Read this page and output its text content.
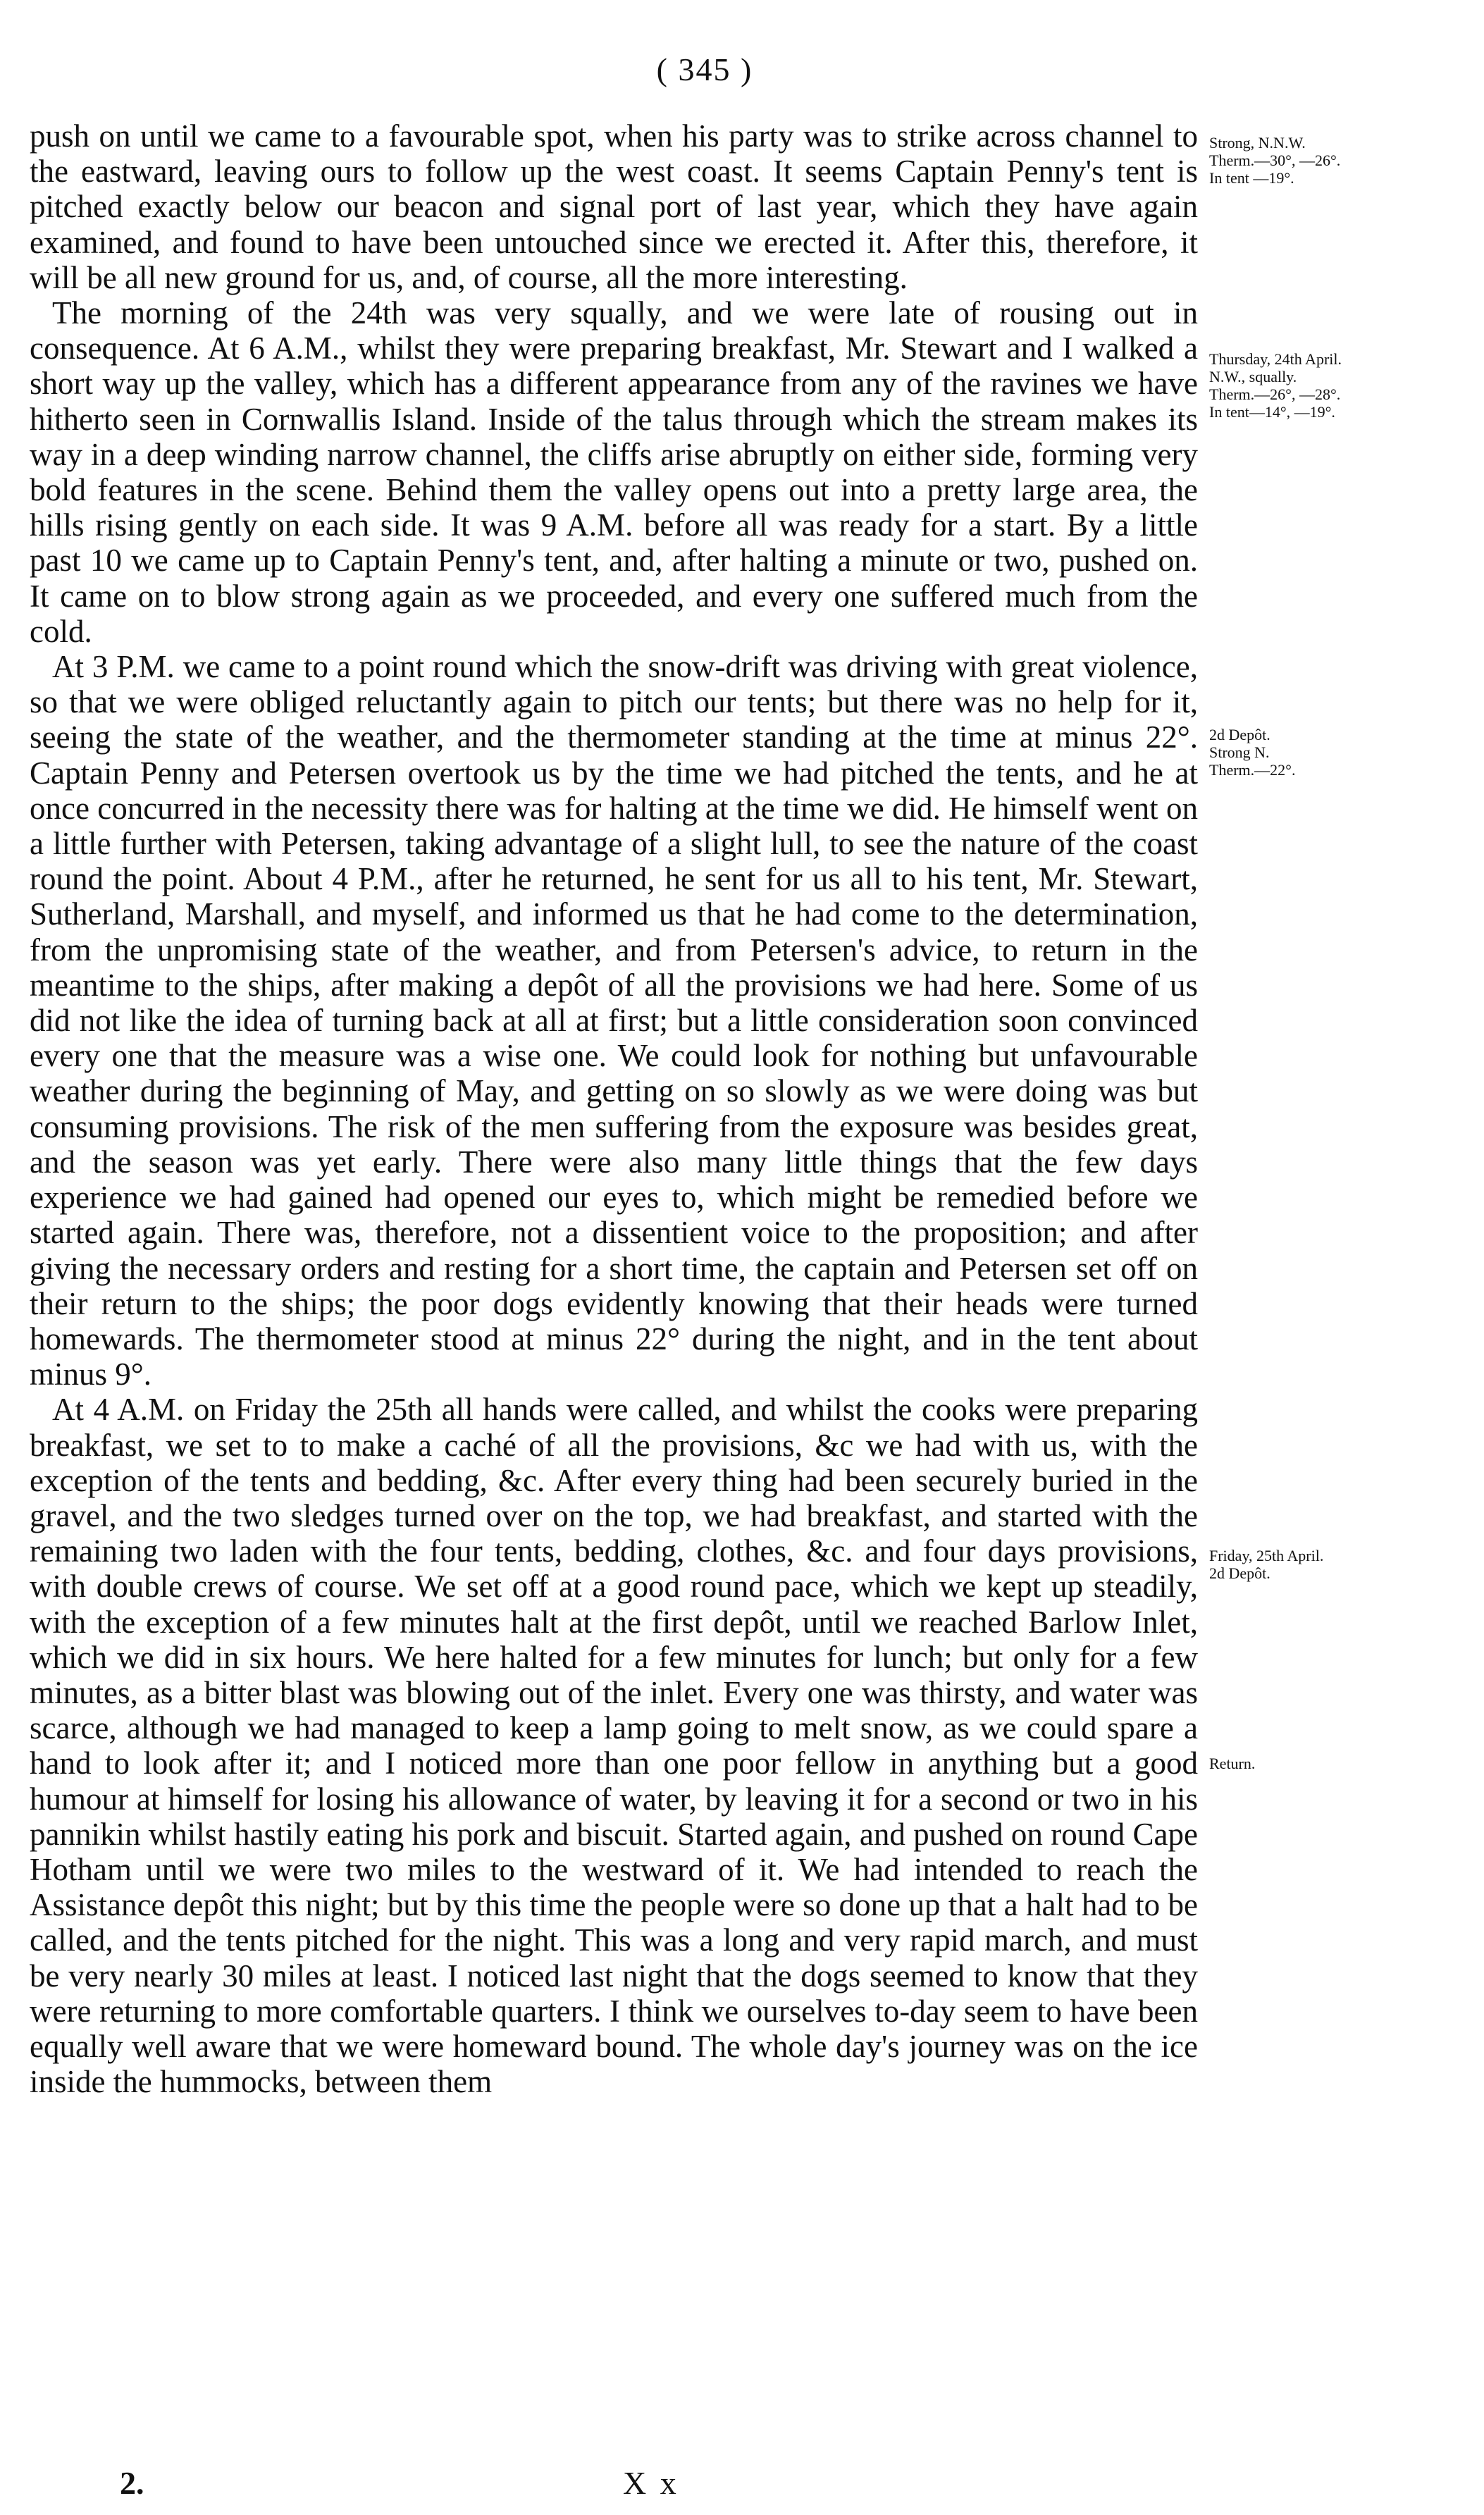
( 345 )

push on until we came to a favourable spot, when his party was to strike across channel to the eastward, leaving ours to follow up the west coast. It seems Captain Penny's tent is pitched exactly below our beacon and signal port of last year, which they have again examined, and found to have been untouched since we erected it. After this, therefore, it will be all new ground for us, and, of course, all the more interesting.

The morning of the 24th was very squally, and we were late of rousing out in consequence. At 6 A.M., whilst they were preparing breakfast, Mr. Stewart and I walked a short way up the valley, which has a different appearance from any of the ravines we have hitherto seen in Cornwallis Island. Inside of the talus through which the stream makes its way in a deep winding narrow channel, the cliffs arise abruptly on either side, forming very bold features in the scene. Behind them the valley opens out into a pretty large area, the hills rising gently on each side. It was 9 A.M. before all was ready for a start. By a little past 10 we came up to Captain Penny's tent, and, after halting a minute or two, pushed on. It came on to blow strong again as we proceeded, and every one suffered much from the cold.

At 3 P.M. we came to a point round which the snow-drift was driving with great violence, so that we were obliged reluctantly again to pitch our tents; but there was no help for it, seeing the state of the weather, and the thermometer standing at the time at minus 22°. Captain Penny and Petersen overtook us by the time we had pitched the tents, and he at once concurred in the necessity there was for halting at the time we did. He himself went on a little further with Petersen, taking advantage of a slight lull, to see the nature of the coast round the point. About 4 P.M., after he returned, he sent for us all to his tent, Mr. Stewart, Sutherland, Marshall, and myself, and informed us that he had come to the determination, from the unpromising state of the weather, and from Petersen's advice, to return in the meantime to the ships, after making a depôt of all the provisions we had here. Some of us did not like the idea of turning back at all at first; but a little consideration soon convinced every one that the measure was a wise one. We could look for nothing but unfavourable weather during the beginning of May, and getting on so slowly as we were doing was but consuming provisions. The risk of the men suffering from the exposure was besides great, and the season was yet early. There were also many little things that the few days experience we had gained had opened our eyes to, which might be remedied before we started again. There was, therefore, not a dissentient voice to the proposition; and after giving the necessary orders and resting for a short time, the captain and Petersen set off on their return to the ships; the poor dogs evidently knowing that their heads were turned homewards. The thermometer stood at minus 22° during the night, and in the tent about minus 9°.

At 4 A.M. on Friday the 25th all hands were called, and whilst the cooks were preparing breakfast, we set to to make a caché of all the provisions, &c we had with us, with the exception of the tents and bedding, &c. After every thing had been securely buried in the gravel, and the two sledges turned over on the top, we had breakfast, and started with the remaining two laden with the four tents, bedding, clothes, &c. and four days provisions, with double crews of course. We set off at a good round pace, which we kept up steadily, with the exception of a few minutes halt at the first depôt, until we reached Barlow Inlet, which we did in six hours. We here halted for a few minutes for lunch; but only for a few minutes, as a bitter blast was blowing out of the inlet. Every one was thirsty, and water was scarce, although we had managed to keep a lamp going to melt snow, as we could spare a hand to look after it; and I noticed more than one poor fellow in anything but a good humour at himself for losing his allowance of water, by leaving it for a second or two in his pannikin whilst hastily eating his pork and biscuit. Started again, and pushed on round Cape Hotham until we were two miles to the westward of it. We had intended to reach the Assistance depôt this night; but by this time the people were so done up that a halt had to be called, and the tents pitched for the night. This was a long and very rapid march, and must be very nearly 30 miles at least. I noticed last night that the dogs seemed to know that they were returning to more comfortable quarters. I think we ourselves to-day seem to have been equally well aware that we were homeward bound. The whole day's journey was on the ice inside the hummocks, between them

Strong, N.N.W.
Therm.—30°, —26°.
In tent —19°.
Thursday, 24th April.
N.W., squally.
Therm.—26°, —28°.
In tent—14°, —19°.
2d Depôt.
Strong N.
Therm.—22°.
Friday, 25th April.
2d Depôt.
Return.
2.	X x
